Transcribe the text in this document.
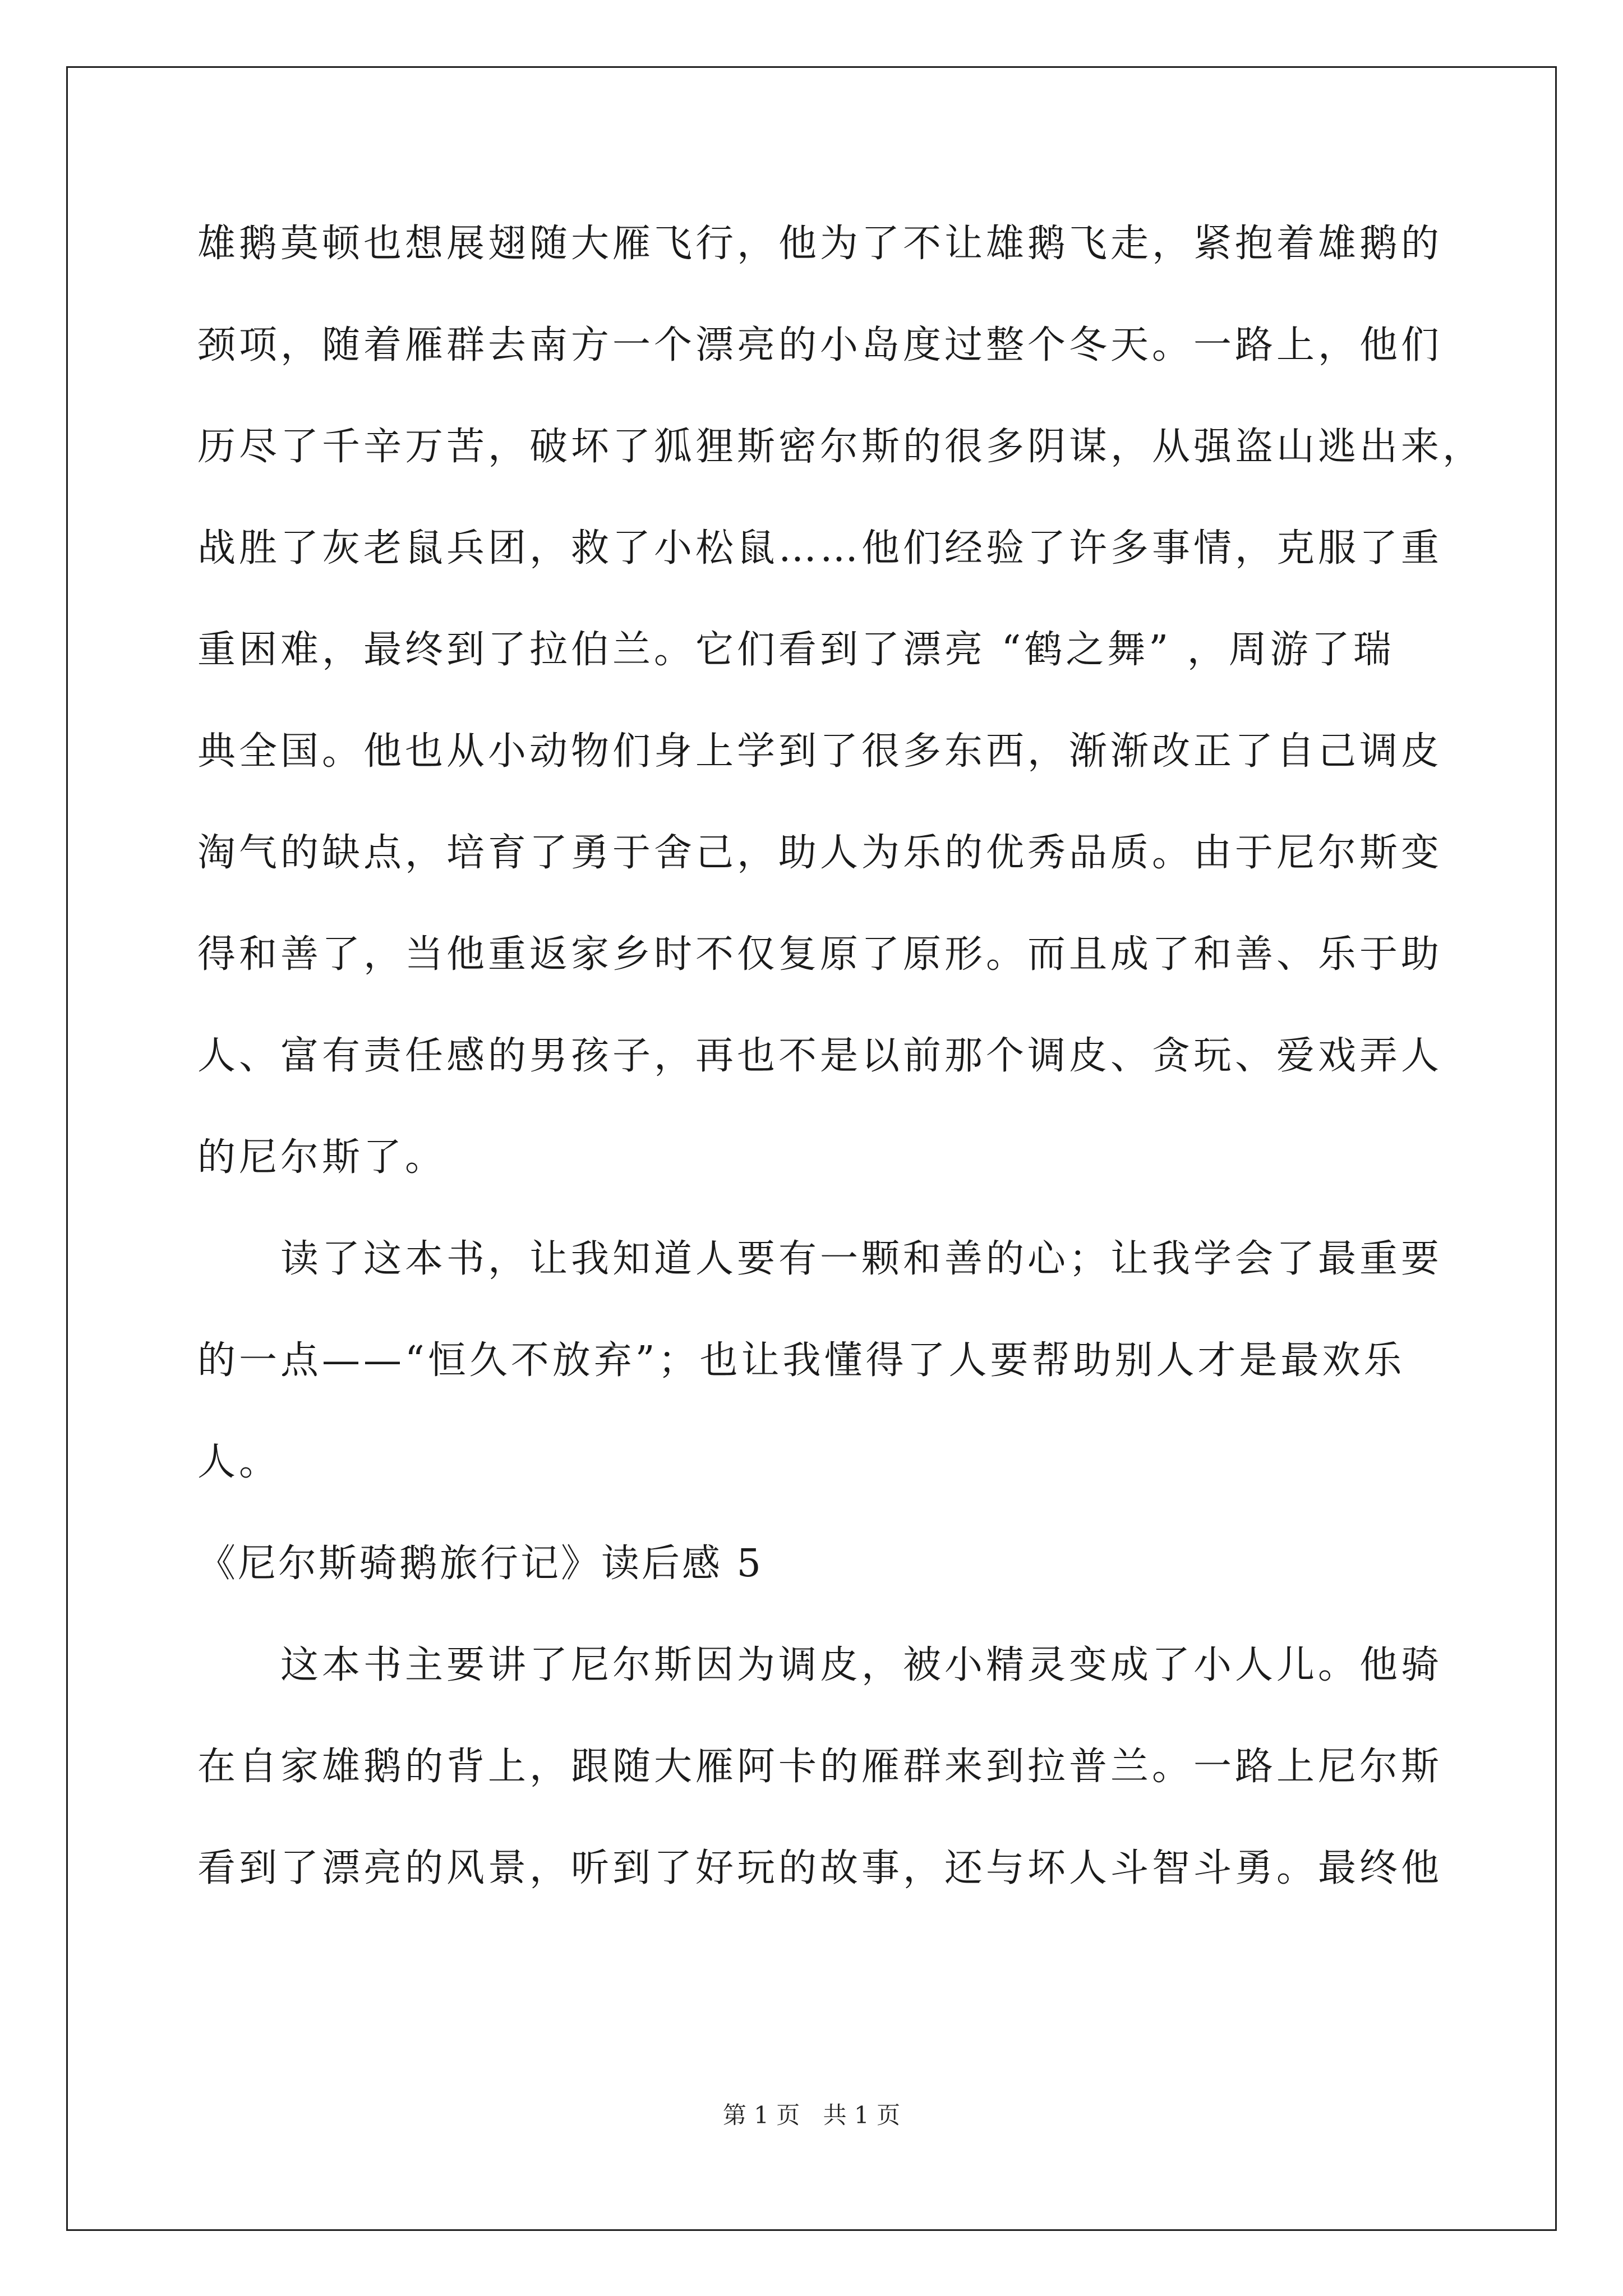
雄鹅莫顿也想展翅随大雁飞行，他为了不让雄鹅飞走，紧抱着雄鹅的
颈项，随着雁群去南方一个漂亮的小岛度过整个冬天。一路上，他们
历尽了千辛万苦，破坏了狐狸斯密尔斯的很多阴谋，从强盗山逃出来，
战胜了灰老鼠兵团，救了小松鼠……他们经验了许多事情，克服了重
重困难，最终到了拉伯兰。它们看到了漂亮 “鹤之舞” ，周游了瑞
典全国。他也从小动物们身上学到了很多东西，渐渐改正了自己调皮
淘气的缺点，培育了勇于舍己，助人为乐的优秀品质。由于尼尔斯变
得和善了，当他重返家乡时不仅复原了原形。而且成了和善、乐于助
人、富有责任感的男孩子，再也不是以前那个调皮、贪玩、爱戏弄人
的尼尔斯了。
读了这本书，让我知道人要有一颗和善的心；让我学会了最重要
的一点——“恒久不放弃”；也让我懂得了人要帮助别人才是最欢乐
人。
《尼尔斯骑鹅旅行记》读后感 5
这本书主要讲了尼尔斯因为调皮，被小精灵变成了小人儿。他骑
在自家雄鹅的背上，跟随大雁阿卡的雁群来到拉普兰。一路上尼尔斯
看到了漂亮的风景，听到了好玩的故事，还与坏人斗智斗勇。最终他
第 1 页 共 1 页
